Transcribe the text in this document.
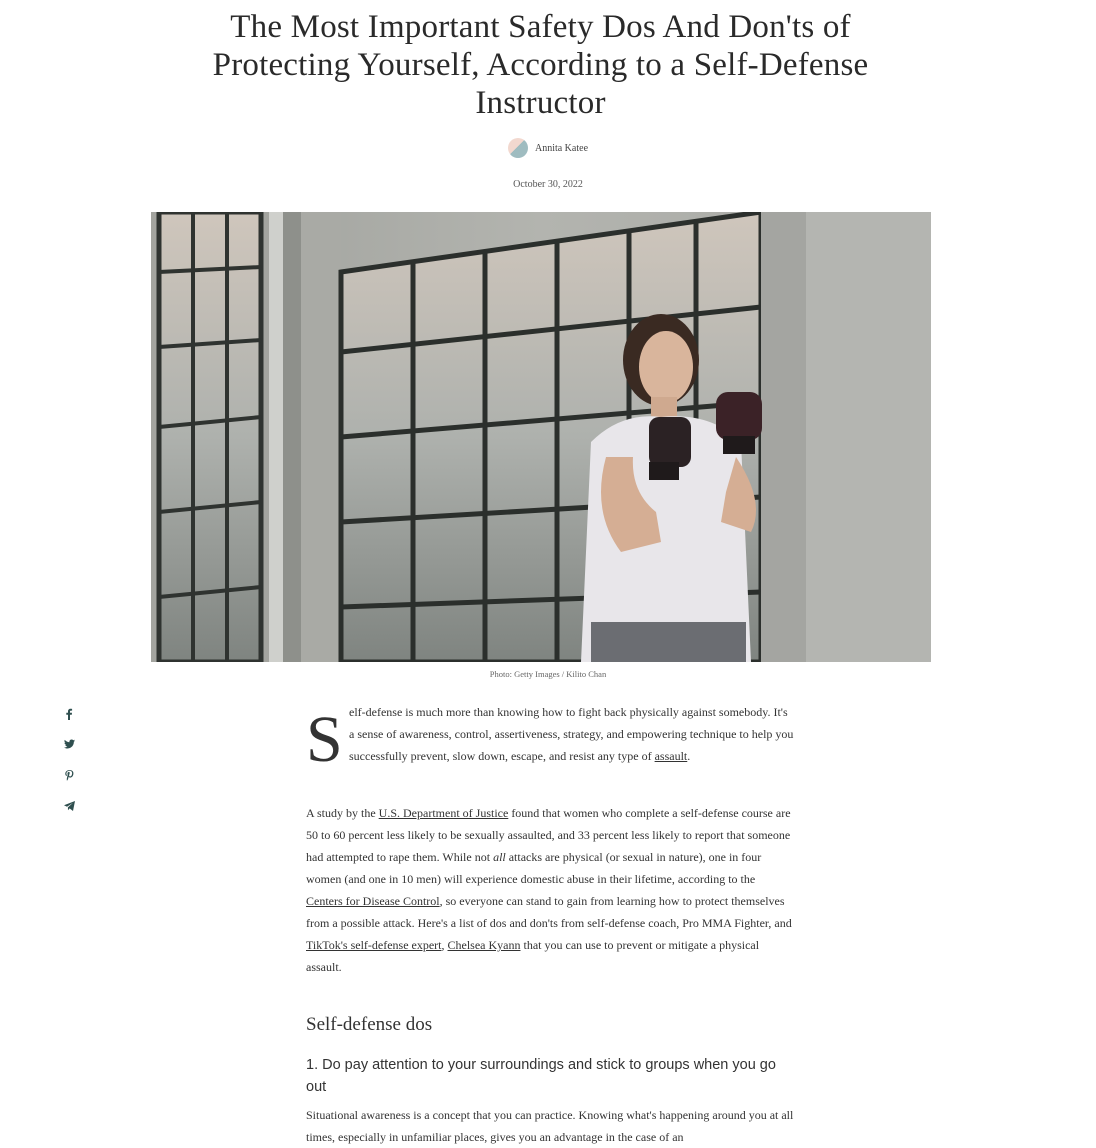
The Most Important Safety Dos And Don'ts of Protecting Yourself, According to a Self-Defense Instructor
Annita Katee
October 30, 2022
Photo: Getty Images / Kilito Chan
S elf-defense is much more than knowing how to fight back physically against somebody. It's a sense of awareness, control, assertiveness, strategy, and empowering technique to help you successfully prevent, slow down, escape, and resist any type of assault.

A study by the U.S. Department of Justice found that women who complete a self-defense course are 50 to 60 percent less likely to be sexually assaulted, and 33 percent less likely to report that someone had attempted to rape them. While not all attacks are physical (or sexual in nature), one in four women (and one in 10 men) will experience domestic abuse in their lifetime, according to the Centers for Disease Control, so everyone can stand to gain from learning how to protect themselves from a possible attack. Here's a list of dos and don'ts from self-defense coach, Pro MMA Fighter, and TikTok's self-defense expert, Chelsea Kyann that you can use to prevent or mitigate a physical assault.

Self-defense dos
1. Do pay attention to your surroundings and stick to groups when you go out

Situational awareness is a concept that you can practice. Knowing what's happening around you at all times, especially in unfamiliar places, gives you an advantage in the case of an
